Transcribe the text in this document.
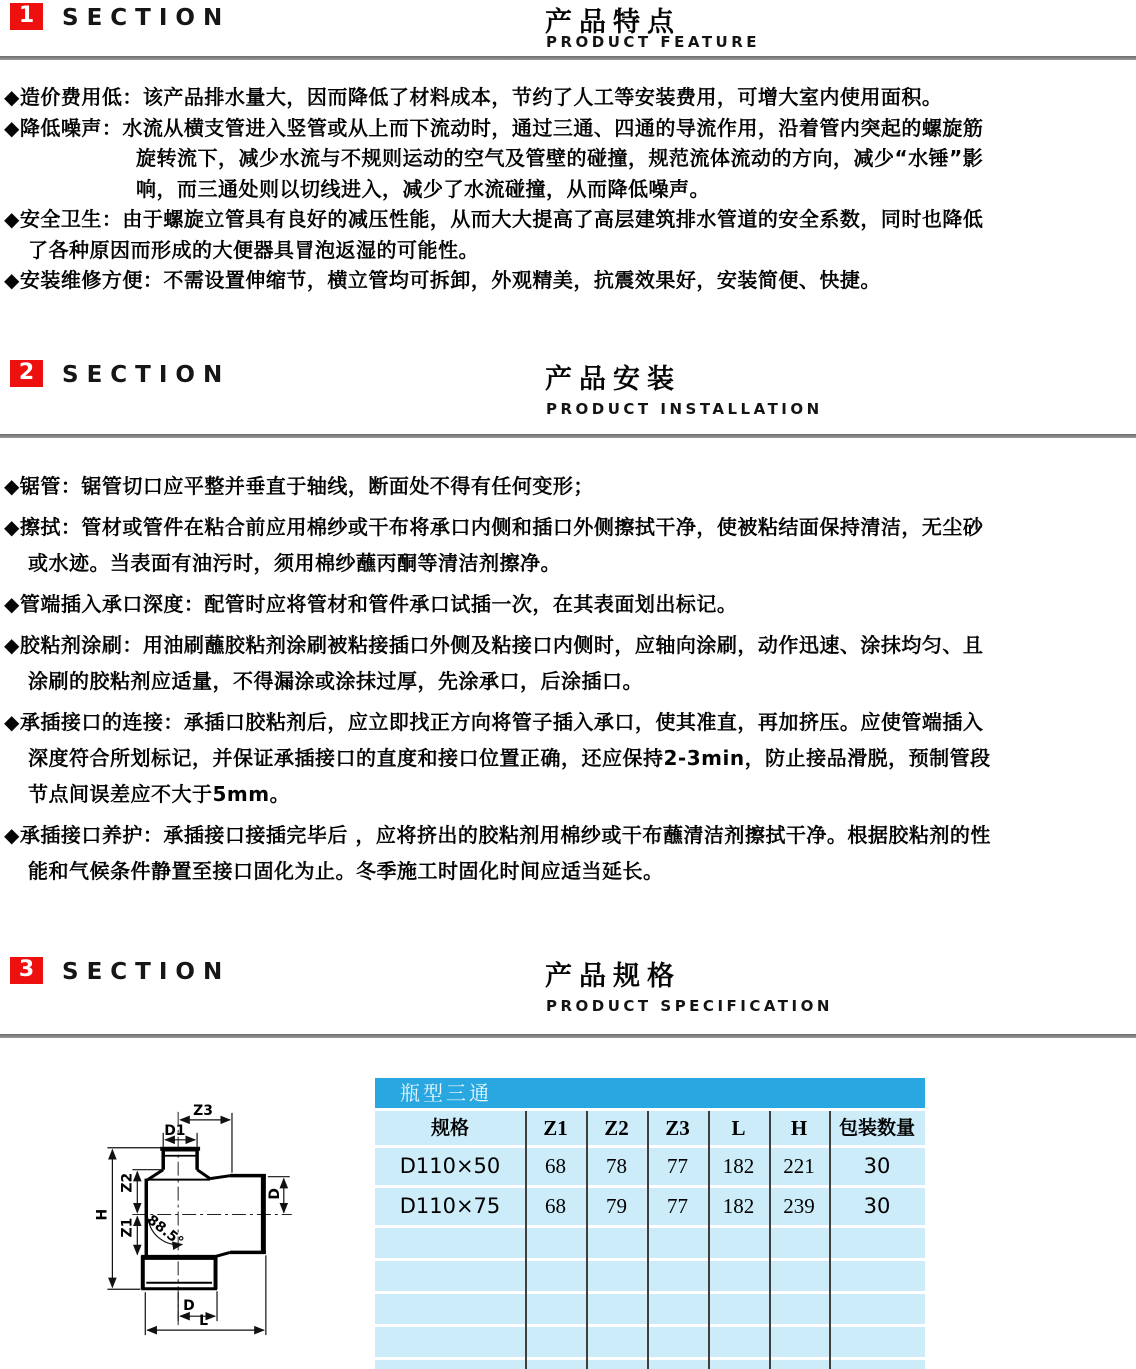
1	SECTION	产品特点
PRODUCT FEATURE
◆造价费用低：该产品排水量大，因而降低了材料成本，节约了人工等安装费用，可增大室内使用面积。
◆降低噪声：水流从横支管进入竖管或从上而下流动时，通过三通、四通的导流作用，沿着管内突起的螺旋筋
旋转流下，减少水流与不规则运动的空气及管壁的碰撞，规范流体流动的方向，减少“水锤”影
响，而三通处则以切线进入，减少了水流碰撞，从而降低噪声。
◆安全卫生：由于螺旋立管具有良好的减压性能，从而大大提高了高层建筑排水管道的安全系数，同时也降低
了各种原因而形成的大便器具冒泡返湿的可能性。
◆安装维修方便：不需设置伸缩节，横立管均可拆卸，外观精美，抗震效果好，安装简便、快捷。
2	SECTION	产品安装
PRODUCT INSTALLATION
◆锯管：锯管切口应平整并垂直于轴线，断面处不得有任何变形；
◆擦拭：管材或管件在粘合前应用棉纱或干布将承口内侧和插口外侧擦拭干净，使被粘结面保持清洁，无尘砂
或水迹。当表面有油污时，须用棉纱蘸丙酮等清洁剂擦净。
◆管端插入承口深度：配管时应将管材和管件承口试插一次，在其表面划出标记。
◆胶粘剂涂刷：用油刷蘸胶粘剂涂刷被粘接插口外侧及粘接口内侧时，应轴向涂刷，动作迅速、涂抹均匀、且
涂刷的胶粘剂应适量，不得漏涂或涂抹过厚，先涂承口，后涂插口。
◆承插接口的连接：承插口胶粘剂后，应立即找正方向将管子插入承口，使其准直，再加挤压。应使管端插入
深度符合所划标记，并保证承插接口的直度和接口位置正确，还应保持2-3min，防止接品滑脱，预制管段
节点间误差应不大于5mm。
◆承插接口养护：承插接口接插完毕后 ，应将挤出的胶粘剂用棉纱或干布蘸清洁剂擦拭干净。根据胶粘剂的性
能和气候条件静置至接口固化为止。冬季施工时固化时间应适当延长。
3	SECTION	产品规格
PRODUCT SPECIFICATION
Z3
D1
Z2
Z1
H
D
88.5°
D
L
瓶型三通
规格	Z1	Z2	Z3	L	H	包装数量
D110×50	68	78	77	182	221	30
D110×75	68	79	77	182	239	30
